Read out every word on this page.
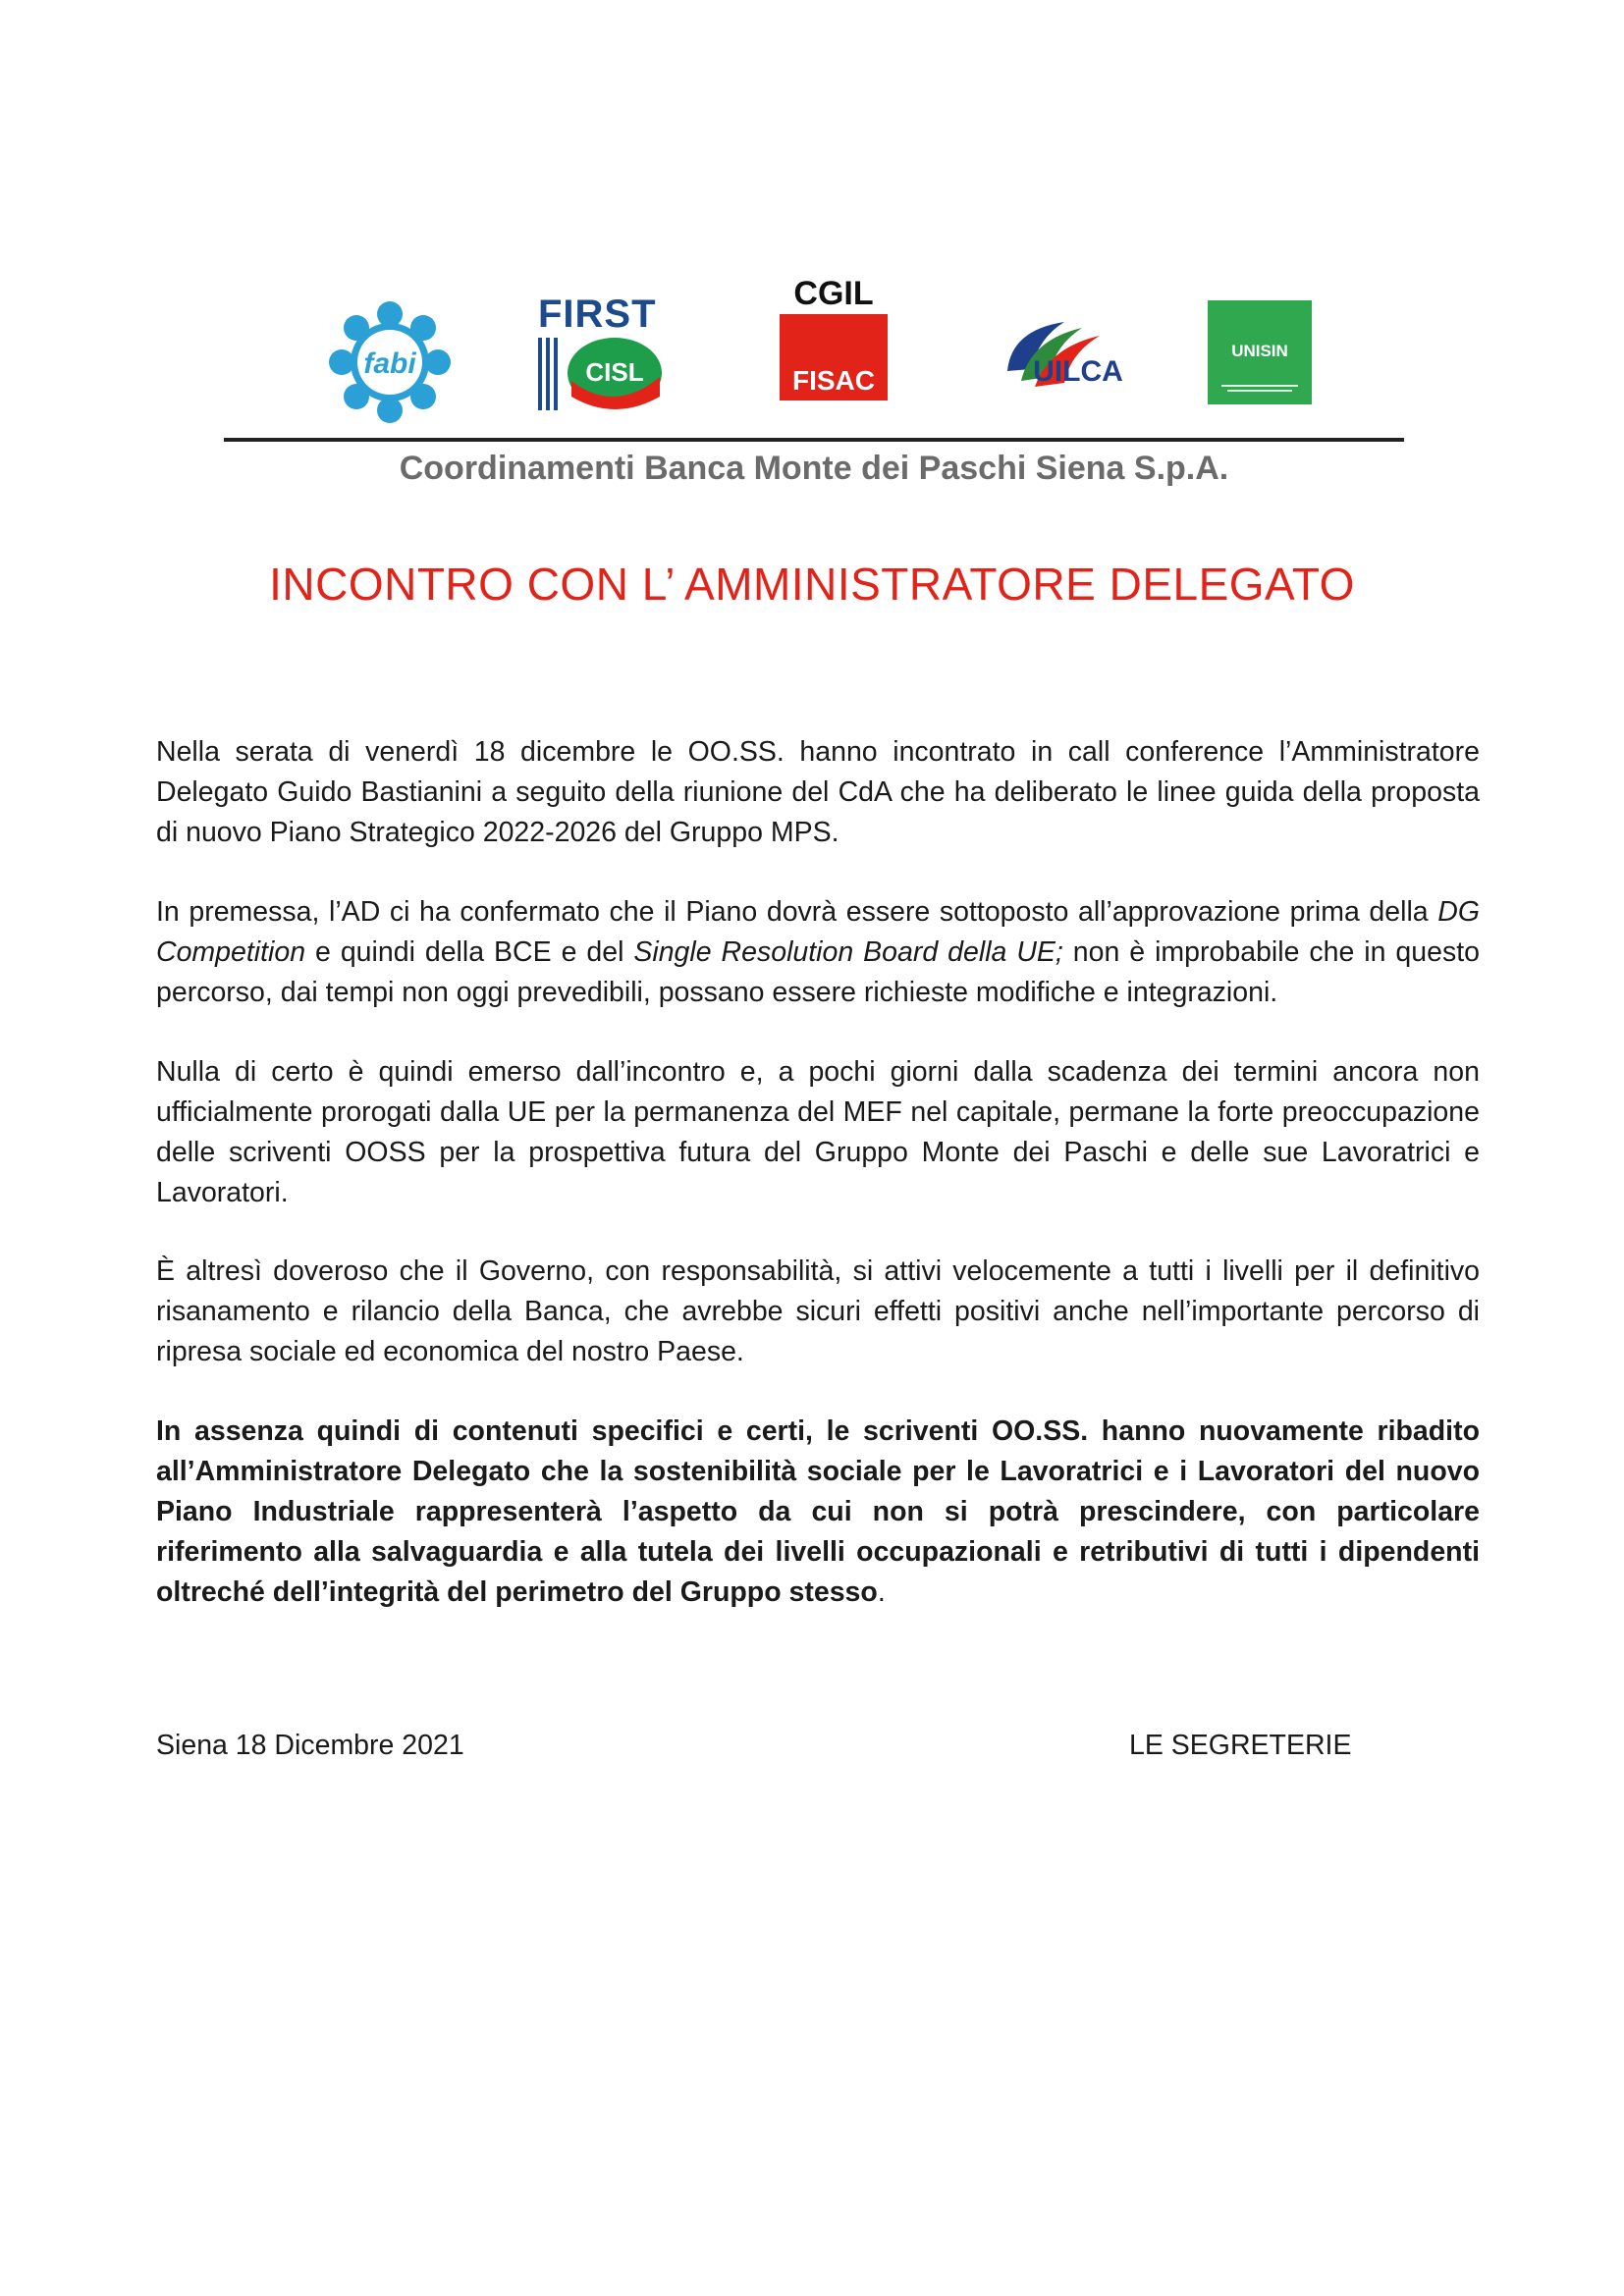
fabi
FIRST
CISL
CGIL
FISAC	UILCA
UNISIN
Coordinamenti Banca Monte dei Paschi Siena S.p.A.
INCONTRO CON L’ AMMINISTRATORE DELEGATO

Nella serata di venerdì 18 dicembre le OO.SS. hanno incontrato in call conference l’Amministratore Delegato Guido Bastianini a seguito della riunione del CdA che ha deliberato le linee guida della proposta di nuovo Piano Strategico 2022-2026 del Gruppo MPS.

In premessa, l’AD ci ha confermato che il Piano dovrà essere sottoposto all’approvazione prima della DG Competition e quindi della BCE e del Single Resolution Board della UE; non è improbabile che in questo percorso, dai tempi non oggi prevedibili, possano essere richieste modifiche e integrazioni.

Nulla di certo è quindi emerso dall’incontro e, a pochi giorni dalla scadenza dei termini ancora non ufficialmente prorogati dalla UE per la permanenza del MEF nel capitale, permane la forte preoccupazione delle scriventi OOSS per la prospettiva futura del Gruppo Monte dei Paschi e delle sue Lavoratrici e Lavoratori.

È altresì doveroso che il Governo, con responsabilità, si attivi velocemente a tutti i livelli per il definitivo risanamento e rilancio della Banca, che avrebbe sicuri effetti positivi anche nell’importante percorso di ripresa sociale ed economica del nostro Paese.

In assenza quindi di contenuti specifici e certi, le scriventi OO.SS. hanno nuovamente ribadito all’Amministratore Delegato che la sostenibilità sociale per le Lavoratrici e i Lavoratori del nuovo Piano Industriale rappresenterà l’aspetto da cui non si potrà prescindere, con particolare riferimento alla salvaguardia e alla tutela dei livelli occupazionali e retributivi di tutti i dipendenti oltreché dell’integrità del perimetro del Gruppo stesso.

Siena 18 Dicembre 2021	LE SEGRETERIE
